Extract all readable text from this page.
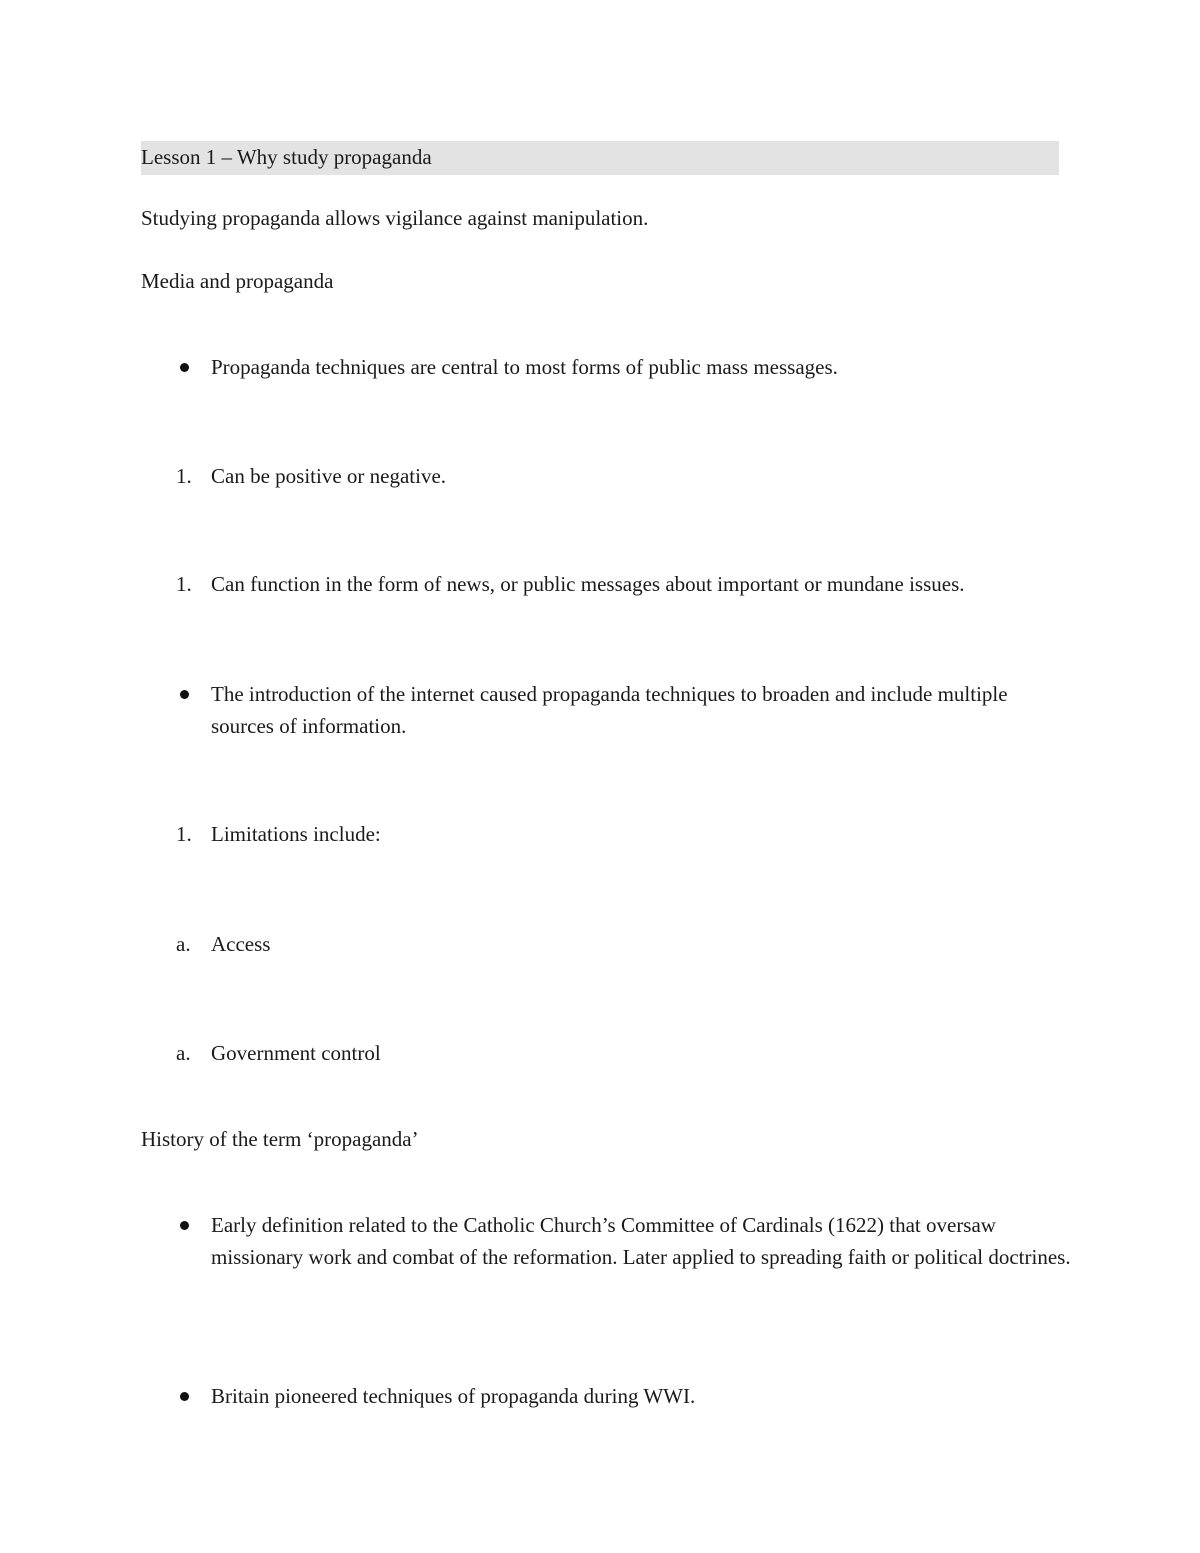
Lesson 1 – Why study propaganda
Studying propaganda allows vigilance against manipulation.
Media and propaganda
Propaganda techniques are central to most forms of public mass messages.
1. Can be positive or negative.
1. Can function in the form of news, or public messages about important or mundane issues.
The introduction of the internet caused propaganda techniques to broaden and include multiple sources of information.
1. Limitations include:
a. Access
a. Government control
History of the term ‘propaganda’
Early definition related to the Catholic Church’s Committee of Cardinals (1622) that oversaw missionary work and combat of the reformation. Later applied to spreading faith or political doctrines.
Britain pioneered techniques of propaganda during WWI.
